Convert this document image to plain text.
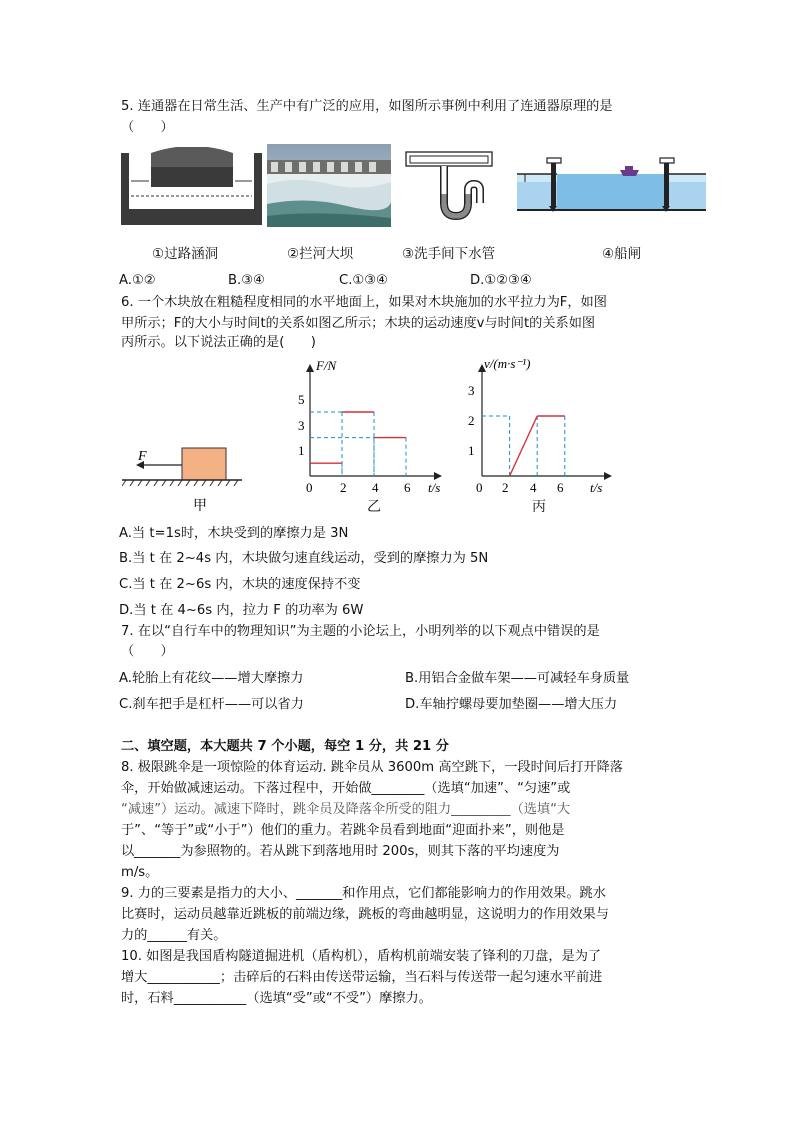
5. 连通器在日常生活、生产中有广泛的应用，如图所示事例中利用了连通器原理的是
（　　）
①过路涵洞	②拦河大坝	③洗手间下水管	④船闸
A.①②	B.③④	C.①③④	D.①②③④
6. 一个木块放在粗糙程度相同的水平地面上，如果对木块施加的水平拉力为F，如图
甲所示；F的大小与时间t的关系如图乙所示；木块的运动速度v与时间t的关系如图
丙所示。以下说法正确的是(　　)
F
甲
F/N
t/s
0 2 4 6
1
3
5
乙
v/(m·s⁻¹)
t/s
0 2 4 6
1
2
3
丙
A.当 t=1s时，木块受到的摩擦力是 3N
B.当 t 在 2~4s 内，木块做匀速直线运动，受到的摩擦力为 5N
C.当 t 在 2~6s 内，木块的速度保持不变
D.当 t 在 4~6s 内，拉力 F 的功率为 6W
7. 在以“自行车中的物理知识”为主题的小论坛上，小明列举的以下观点中错误的是
（　　）
A.轮胎上有花纹——增大摩擦力	B.用铝合金做车架——可减轻车身质量
C.刹车把手是杠杆——可以省力	D.车轴拧螺母要加垫圈——增大压力
二、填空题，本大题共 7 个小题，每空 1 分，共 21 分
8. 极限跳伞是一项惊险的体育运动. 跳伞员从 3600m 高空跳下，一段时间后打开降落
伞，开始做减速运动。下落过程中，开始做________（选填“加速”、“匀速”或
“减速”）运动。减速下降时，跳伞员及降落伞所受的阻力_________（选填“大
于”、“等于”或“小于”）他们的重力。若跳伞员看到地面“迎面扑来”，则他是
以_______为参照物的。若从跳下到落地用时 200s，则其下落的平均速度为
m/s。
9. 力的三要素是指力的大小、_______和作用点，它们都能影响力的作用效果。跳水
比赛时，运动员越靠近跳板的前端边缘，跳板的弯曲越明显，这说明力的作用效果与
力的______有关。
10. 如图是我国盾构隧道掘进机（盾构机），盾构机前端安装了锋利的刀盘，是为了
增大___________；击碎后的石料由传送带运输，当石料与传送带一起匀速水平前进
时，石料___________（选填“受”或“不受”）摩擦力。
